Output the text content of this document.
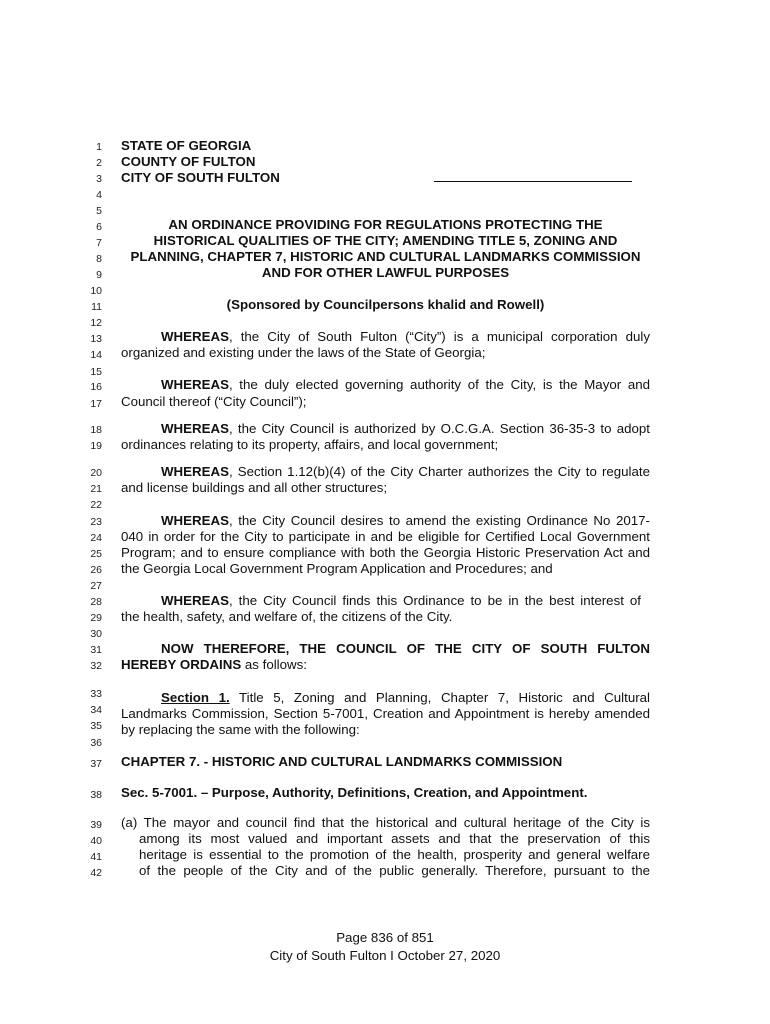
1
2
3
4
5
6
7
8
9
10
11
12
13
14
15
16
17
18
19
20
21
22
23
24
25
26
27
28
29
30
31
32
33
34
35
36
37
38
39
40
41
42
STATE OF GEORGIA
COUNTY OF FULTON
CITY OF SOUTH FULTON
AN ORDINANCE PROVIDING FOR REGULATIONS PROTECTING THE
HISTORICAL QUALITIES OF THE CITY; AMENDING TITLE 5, ZONING AND
PLANNING, CHAPTER 7, HISTORIC AND CULTURAL LANDMARKS COMMISSION
AND FOR OTHER LAWFUL PURPOSES
(Sponsored by Councilpersons khalid and Rowell)
WHEREAS, the City of South Fulton (“City”) is a municipal corporation duly
organized and existing under the laws of the State of Georgia;
WHEREAS, the duly elected governing authority of the City, is the Mayor and
Council thereof (“City Council”);
WHEREAS, the City Council is authorized by O.C.G.A. Section 36-35-3 to adopt
ordinances relating to its property, affairs, and local government;
WHEREAS, Section 1.12(b)(4) of the City Charter authorizes the City to regulate
and license buildings and all other structures;
WHEREAS, the City Council desires to amend the existing Ordinance No 2017-
040 in order for the City to participate in and be eligible for Certified Local Government
Program; and to ensure compliance with both the Georgia Historic Preservation Act and
the Georgia Local Government Program Application and Procedures; and
WHEREAS, the City Council finds this Ordinance to be in the best interest of
the health, safety, and welfare of, the citizens of the City.
NOW THEREFORE, THE COUNCIL OF THE CITY OF SOUTH FULTON
HEREBY ORDAINS as follows:
Section 1. Title 5, Zoning and Planning, Chapter 7, Historic and Cultural
Landmarks Commission, Section 5-7001, Creation and Appointment is hereby amended
by replacing the same with the following:
CHAPTER 7. - HISTORIC AND CULTURAL LANDMARKS COMMISSION
Sec. 5-7001. – Purpose, Authority, Definitions, Creation, and Appointment.
(a) The mayor and council find that the historical and cultural heritage of the City is
among its most valued and important assets and that the preservation of this
heritage is essential to the promotion of the health, prosperity and general welfare
of the people of the City and of the public generally. Therefore, pursuant to the
Page 836 of 851
City of South Fulton I October 27, 2020
